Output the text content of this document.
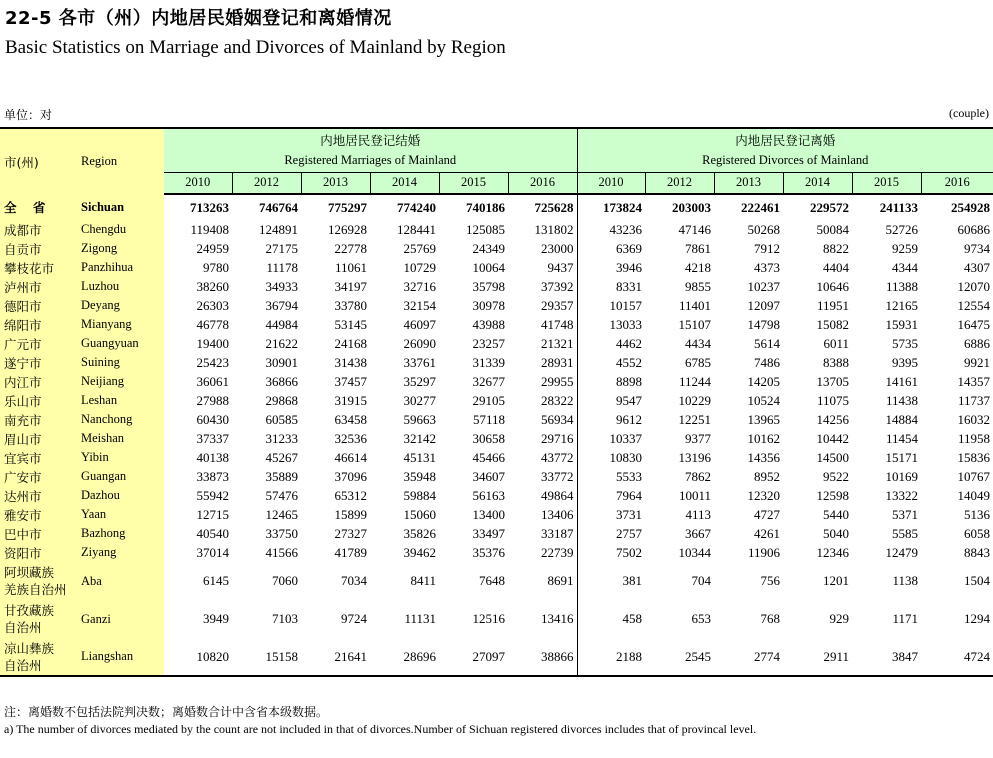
22-5 各市（州）内地居民婚姻登记和离婚情况
Basic Statistics on Marriage and Divorces of Mainland by Region
单位：对	(couple)
市(州)	Region	内地居民登记结婚						内地居民登记离婚					
		Registered Marriages of Mainland						Registered Divorces of Mainland					
		2010	2012	2013	2014	2015	2016	2010	2012	2013	2014	2015	2016
全 省	Sichuan	713263	746764	775297	774240	740186	725628	173824	203003	222461	229572	241133	254928
成都市	Chengdu	119408	124891	126928	128441	125085	131802	43236	47146	50268	50084	52726	60686
自贡市	Zigong	24959	27175	22778	25769	24349	23000	6369	7861	7912	8822	9259	9734
攀枝花市	Panzhihua	9780	11178	11061	10729	10064	9437	3946	4218	4373	4404	4344	4307
泸州市	Luzhou	38260	34933	34197	32716	35798	37392	8331	9855	10237	10646	11388	12070
德阳市	Deyang	26303	36794	33780	32154	30978	29357	10157	11401	12097	11951	12165	12554
绵阳市	Mianyang	46778	44984	53145	46097	43988	41748	13033	15107	14798	15082	15931	16475
广元市	Guangyuan	19400	21622	24168	26090	23257	21321	4462	4434	5614	6011	5735	6886
遂宁市	Suining	25423	30901	31438	33761	31339	28931	4552	6785	7486	8388	9395	9921
内江市	Neijiang	36061	36866	37457	35297	32677	29955	8898	11244	14205	13705	14161	14357
乐山市	Leshan	27988	29868	31915	30277	29105	28322	9547	10229	10524	11075	11438	11737
南充市	Nanchong	60430	60585	63458	59663	57118	56934	9612	12251	13965	14256	14884	16032
眉山市	Meishan	37337	31233	32536	32142	30658	29716	10337	9377	10162	10442	11454	11958
宜宾市	Yibin	40138	45267	46614	45131	45466	43772	10830	13196	14356	14500	15171	15836
广安市	Guangan	33873	35889	37096	35948	34607	33772	5533	7862	8952	9522	10169	10767
达州市	Dazhou	55942	57476	65312	59884	56163	49864	7964	10011	12320	12598	13322	14049
雅安市	Yaan	12715	12465	15899	15060	13400	13406	3731	4113	4727	5440	5371	5136
巴中市	Bazhong	40540	33750	27327	35826	33497	33187	2757	3667	4261	5040	5585	6058
资阳市	Ziyang	37014	41566	41789	39462	35376	22739	7502	10344	11906	12346	12479	8843

阿坝藏族
羌族自治州	Aba	6145	7060	7034	8411	7648	8691	381	704	756	1201	1138	1504

甘孜藏族
自治州	Ganzi	3949	7103	9724	11131	12516	13416	458	653	768	929	1171	1294

凉山彝族
自治州	Liangshan	10820	15158	21641	28696	27097	38866	2188	2545	2774	2911	3847	4724
注：离婚数不包括法院判决数；离婚数合计中含省本级数据。
a) The number of divorces mediated by the count are not included in that of divorces.Number of Sichuan registered divorces includes that of provincal level.
